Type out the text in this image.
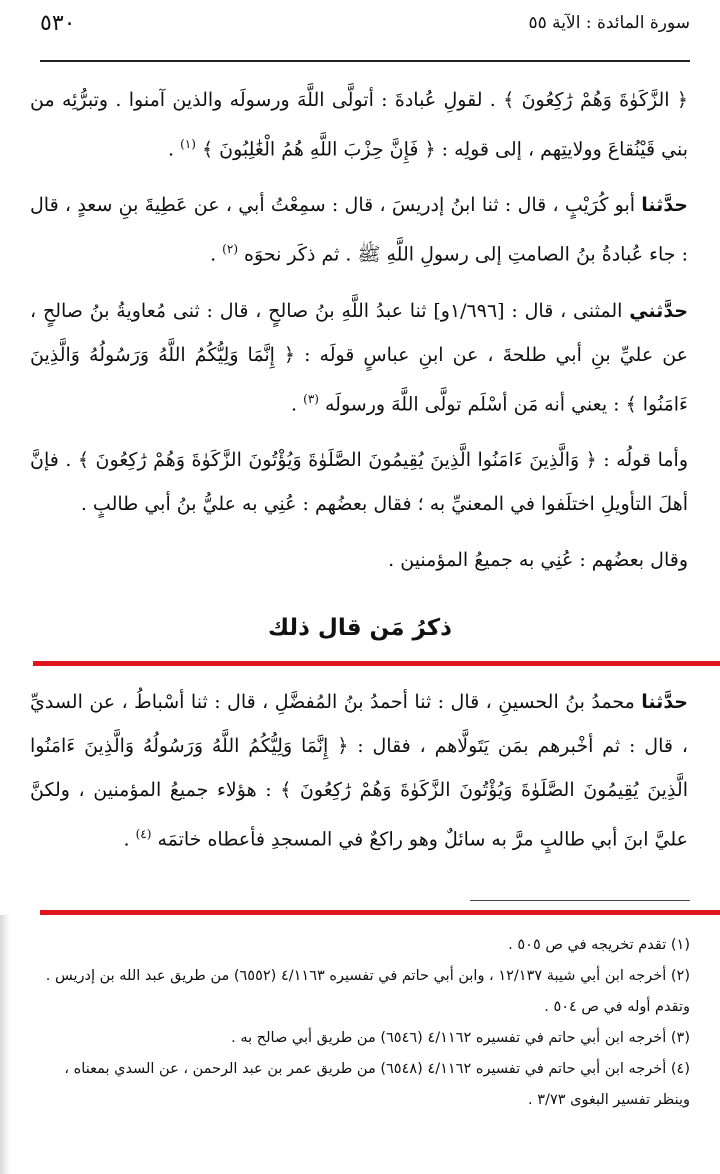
سورة المائدة : الآية ٥٥
٥٣٠

﴿ الزَّكَوٰةَ وَهُمْ رَٰكِعُونَ ﴾ . لقولِ عُبادةَ : أتولَّى اللَّهَ ورسولَه والذين آمنوا . وتبرُّئِه من بني قَيْنُقاعَ وولايتِهم ، إلى قولِه : ﴿ فَإِنَّ حِزْبَ اللَّهِ هُمُ الْغَٰلِبُونَ ﴾ $^{(١)}$ .

حدَّثنا أبو كُرَيْبٍ ، قال : ثنا ابنُ إدريسَ ، قال : سمِعْتُ أبي ، عن عَطِيةَ بنِ سعدٍ ، قال : جاء عُبادةُ بنُ الصامتِ إلى رسولِ اللَّهِ ﷺ . ثم ذكَر نحوَه $^{(٢)}$ .

حدَّثني المثنى ، قال : [١/٦٩٦و] ثنا عبدُ اللَّهِ بنُ صالحٍ ، قال : ثنى مُعاويةُ بنُ صالحٍ ، عن عليِّ بنِ أبي طلحةَ ، عن ابنِ عباسٍ قولَه : ﴿ إِنَّمَا وَلِيُّكُمُ اللَّهُ وَرَسُولُهُ وَالَّذِينَ ءَامَنُوا ﴾ : يعني أنه مَن أسْلَم تولَّى اللَّهَ ورسولَه $^{(٣)}$ .

وأما قولُه : ﴿ وَالَّذِينَ ءَامَنُوا الَّذِينَ يُقِيمُونَ الصَّلَوٰةَ وَيُؤْتُونَ الزَّكَوٰةَ وَهُمْ رَٰكِعُونَ ﴾ . فإنَّ أهلَ التأويلِ اختلَفوا في المعنيِّ به ؛ فقال بعضُهم : عُنِي به عليُّ بنُ أبي طالبٍ .

وقال بعضُهم : عُنِي به جميعُ المؤمنين .

ذكرُ مَن قال ذلك

حدَّثنا محمدُ بنُ الحسينِ ، قال : ثنا أحمدُ بنُ المُفضَّلِ ، قال : ثنا أسْباطُ ، عن السديِّ ، قال : ثم أخْبرهم بمَن يَتَولَّاهم ، فقال : ﴿ إِنَّمَا وَلِيُّكُمُ اللَّهُ وَرَسُولُهُ وَالَّذِينَ ءَامَنُوا الَّذِينَ يُقِيمُونَ الصَّلَوٰةَ وَيُؤْتُونَ الزَّكَوٰةَ وَهُمْ رَٰكِعُونَ ﴾ : هؤلاء جميعُ المؤمنين ، ولكنَّ عليَّ ابنَ أبي طالبٍ مرَّ به سائلٌ وهو راكعٌ في المسجدِ فأعطاه خاتمَه $^{(٤)}$ .

(١) تقدم تخريجه في ص ٥٠٥ .

(٢) أخرجه ابن أبي شيبة ١٢/١٣٧ ، وابن أبي حاتم في تفسيره ٤/١١٦٣ (٦٥٥٢) من طريق عبد الله بن إدريس . وتقدم أوله في ص ٥٠٤ .

(٣) أخرجه ابن أبي حاتم في تفسيره ٤/١١٦٢ (٦٥٤٦) من طريق أبي صالح به .

(٤) أخرجه ابن أبي حاتم في تفسيره ٤/١١٦٢ (٦٥٤٨) من طريق عمر بن عبد الرحمن ، عن السدي بمعناه ، وينظر تفسير البغوى ٣/٧٣ .
